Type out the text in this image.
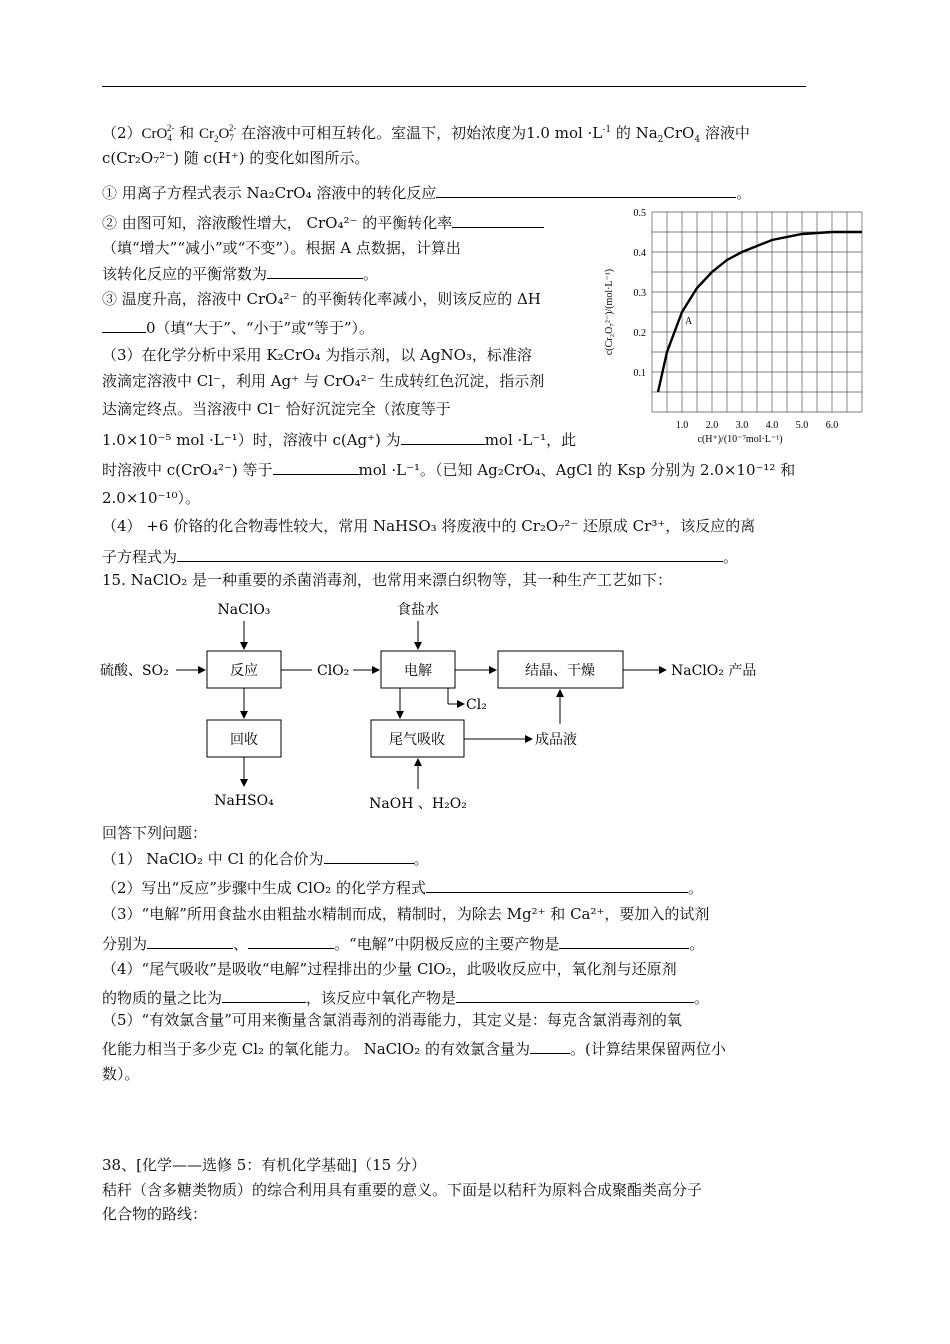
（2）CrO$_4^{2-}$ 和 $Cr_2O_7^{2-}$ 在溶液中可相互转化。室温下，初始浓度为1.0 mol $\cdot L^{-1}$ 的 $Na_2CrO_4$ 溶液中
c(Cr₂O₇²⁻) 随 c(H⁺) 的变化如图所示。
① 用离子方程式表示 Na₂CrO₄ 溶液中的转化反应	。
② 由图可知，溶液酸性增大， CrO₄²⁻ 的平衡转化率
（填“增大”“减小”或“不变”）。根据 A 点数据，计算出
该转化反应的平衡常数为	。
③ 温度升高，溶液中 CrO₄²⁻ 的平衡转化率减小，则该反应的 ΔH
0（填“大于”、“小于”或“等于”）。
（3）在化学分析中采用 K₂CrO₄ 为指示剂，以 AgNO₃，标准溶
液滴定溶液中 Cl⁻，利用 Ag⁺ 与 CrO₄²⁻ 生成转红色沉淀，指示剂
达滴定终点。当溶液中 Cl⁻ 恰好沉淀完全（浓度等于
1.0×10⁻⁵ mol ·L⁻¹）时，溶液中 c(Ag⁺) 为	mol ·L⁻¹，此
时溶液中 c(CrO₄²⁻) 等于	mol ·L⁻¹。（已知 Ag₂CrO₄、AgCl 的 Ksp 分别为 2.0×10⁻¹² 和
2.0×10⁻¹⁰）。
（4） +6 价铬的化合物毒性较大，常用 NaHSO₃ 将废液中的 Cr₂O₇²⁻ 还原成 Cr³⁺，该反应的离
子方程式为	。
1.0 2.0 3.0 4.0 5.0 6.0
0.1
0.2
0.3
0.4
0.5
A
c(H⁺)/(10⁻⁷mol·L⁻¹)
c(Cr₂O₇²⁻)/(mol·L⁻¹)
15. NaClO₂ 是一种重要的杀菌消毒剂，也常用来漂白织物等，其一种生产工艺如下：
反应	电解	结晶、干燥
回收	尾气吸收
NaClO₃
硫酸、SO₂	ClO₂
食盐水
NaClO₂ 产品
Cl₂
成品液
NaHSO₄	NaOH 、H₂O₂
回答下列问题：
（1） NaClO₂ 中 Cl 的化合价为	。
（2）写出“反应”步骤中生成 ClO₂ 的化学方程式	。
（3）“电解”所用食盐水由粗盐水精制而成，精制时，为除去 Mg²⁺ 和 Ca²⁺，要加入的试剂
分别为	、	。“电解”中阴极反应的主要产物是	。
（4）“尾气吸收”是吸收“电解”过程排出的少量 ClO₂，此吸收反应中，氧化剂与还原剂
的物质的量之比为	，该反应中氧化产物是	。
（5）“有效氯含量”可用来衡量含氯消毒剂的消毒能力，其定义是：每克含氯消毒剂的氧
化能力相当于多少克 Cl₂ 的氧化能力。 NaClO₂ 的有效氯含量为	。(计算结果保留两位小
数）。
38、[化学——选修 5：有机化学基础]（15 分）
秸秆（含多糖类物质）的综合利用具有重要的意义。下面是以秸秆为原料合成聚酯类高分子
化合物的路线：
